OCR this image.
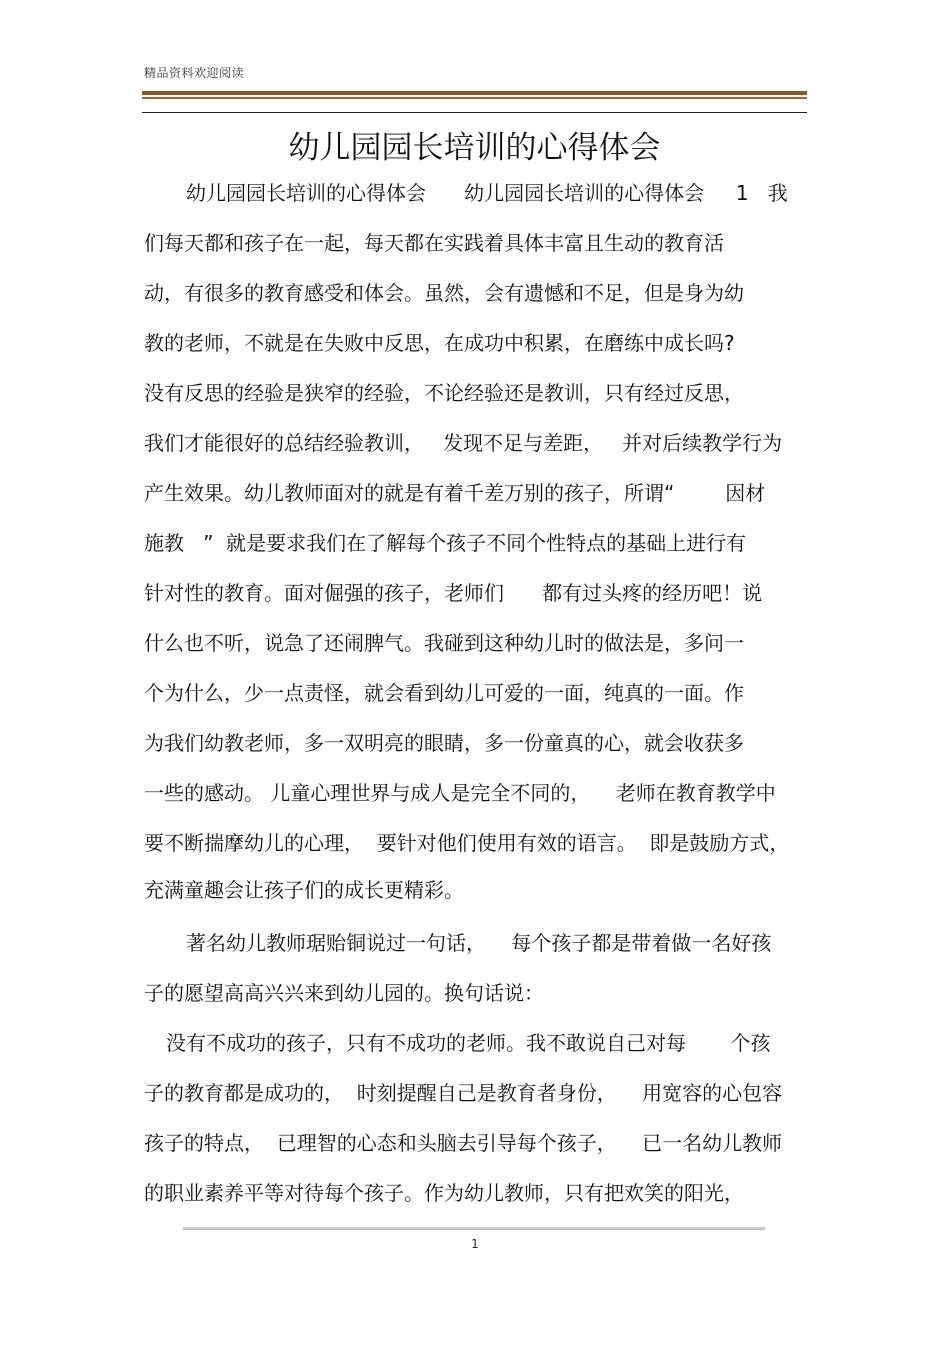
精品资料欢迎阅读
幼儿园园长培训的心得体会
幼儿园园长培训的心得体会      幼儿园园长培训的心得体会     1   我
们每天都和孩子在一起，每天都在实践着具体丰富且生动的教育活
动，有很多的教育感受和体会。虽然，会有遗憾和不足，但是身为幼
教的老师，不就是在失败中反思，在成功中积累，在磨练中成长吗?
没有反思的经验是狭窄的经验，不论经验还是教训，只有经过反思，
我们才能很好的总结经验教训，   发现不足与差距，   并对后续教学行为
产生效果。幼儿教师面对的就是有着千差万别的孩子，所谓“        因材
施教   ”  就是要求我们在了解每个孩子不同个性特点的基础上进行有
针对性的教育。面对倔强的孩子，老师们      都有过头疼的经历吧！说
什么也不听，说急了还闹脾气。我碰到这种幼儿时的做法是，多问一
个为什么，少一点责怪，就会看到幼儿可爱的一面，纯真的一面。作
为我们幼教老师，多一双明亮的眼睛，多一份童真的心，就会收获多
一些的感动。 儿童心理世界与成人是完全不同的，    老师在教育教学中
要不断揣摩幼儿的心理，  要针对他们使用有效的语言。  即是鼓励方式，
充满童趣会让孩子们的成长更精彩。
著名幼儿教师琚贻铜说过一句话，    每个孩子都是带着做一名好孩
子的愿望高高兴兴来到幼儿园的。换句话说：
没有不成功的孩子，只有不成功的老师。我不敢说自己对每       个孩
子的教育都是成功的，  时刻提醒自己是教育者身份，    用宽容的心包容
孩子的特点，  已理智的心态和头脑去引导每个孩子，    已一名幼儿教师
的职业素养平等对待每个孩子。作为幼儿教师，只有把欢笑的阳光，
1
